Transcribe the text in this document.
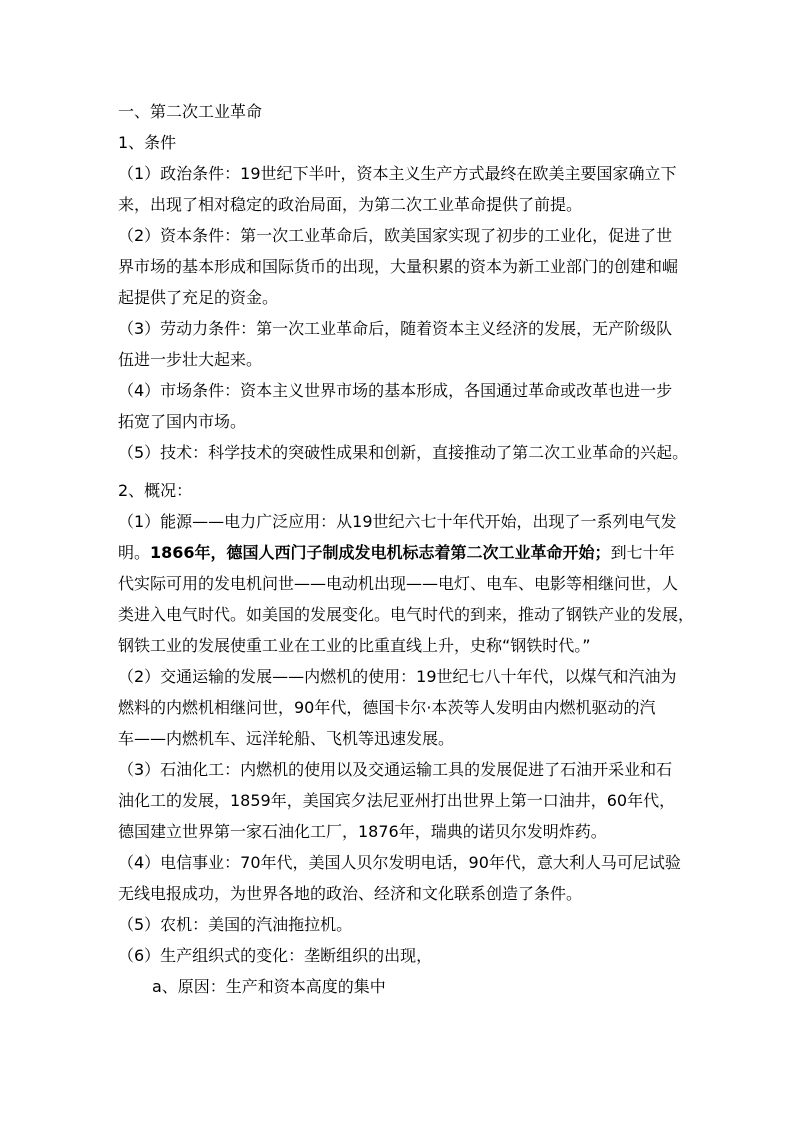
一、第二次工业革命
1、条件
（1）政治条件：19世纪下半叶，资本主义生产方式最终在欧美主要国家确立下
来，出现了相对稳定的政治局面，为第二次工业革命提供了前提。
（2）资本条件：第一次工业革命后，欧美国家实现了初步的工业化，促进了世
界市场的基本形成和国际货币的出现，大量积累的资本为新工业部门的创建和崛
起提供了充足的资金。
（3）劳动力条件：第一次工业革命后，随着资本主义经济的发展，无产阶级队
伍进一步壮大起来。
（4）市场条件：资本主义世界市场的基本形成，各国通过革命或改革也进一步
拓宽了国内市场。
（5）技术：科学技术的突破性成果和创新，直接推动了第二次工业革命的兴起。
2、概况：
（1）能源——电力广泛应用：从19世纪六七十年代开始，出现了一系列电气发
明。1866年，德国人西门子制成发电机标志着第二次工业革命开始；到七十年
代实际可用的发电机问世——电动机出现——电灯、电车、电影等相继问世，人
类进入电气时代。如美国的发展变化。电气时代的到来，推动了钢铁产业的发展，
钢铁工业的发展使重工业在工业的比重直线上升，史称“钢铁时代。”
（2）交通运输的发展——内燃机的使用：19世纪七八十年代，以煤气和汽油为
燃料的内燃机相继问世，90年代，德国卡尔·本茨等人发明由内燃机驱动的汽
车——内燃机车、远洋轮船、飞机等迅速发展。
（3）石油化工：内燃机的使用以及交通运输工具的发展促进了石油开采业和石
油化工的发展，1859年，美国宾夕法尼亚州打出世界上第一口油井，60年代，
德国建立世界第一家石油化工厂，1876年，瑞典的诺贝尔发明炸药。
（4）电信事业：70年代，美国人贝尔发明电话，90年代，意大利人马可尼试验
无线电报成功，为世界各地的政治、经济和文化联系创造了条件。
（5）农机：美国的汽油拖拉机。
（6）生产组织式的变化：垄断组织的出现，
a、原因：生产和资本高度的集中
